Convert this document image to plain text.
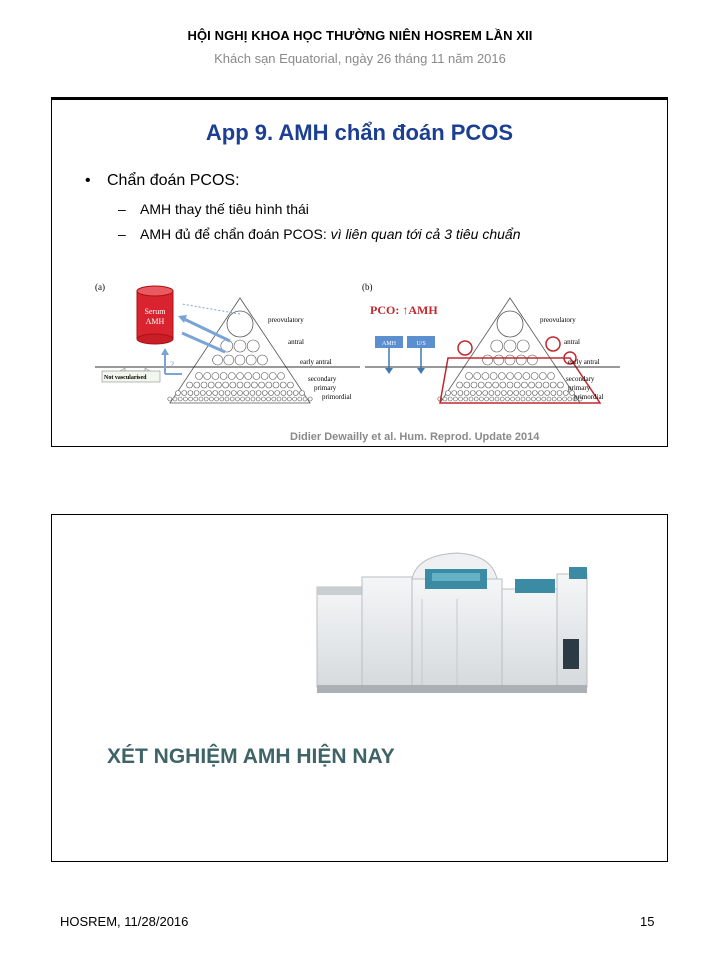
HỘI NGHỊ KHOA HỌC THƯỜNG NIÊN HOSREM LẦN XII
Khách sạn Equatorial, ngày 26 tháng 11 năm 2016
App 9. AMH chẩn đoán PCOS
• Chẩn đoán PCOS:
– AMH thay thế tiêu hình thái
– AMH đủ để chẩn đoán PCOS: vì liên quan tới cả 3 tiêu chuẩn
(a)
Serum
AMH
?
Not vascularised
preovulatory
antral
early antral
secondary
primary
primordial
(b)
PCO: ↑AMH
AMH	U/S
preovulatory
antral
early antral
secondary
primary
primordial
Didier Dewailly et al. Hum. Reprod. Update 2014
XÉT NGHIỆM AMH HIỆN NAY
HOSREM, 11/28/2016	15
